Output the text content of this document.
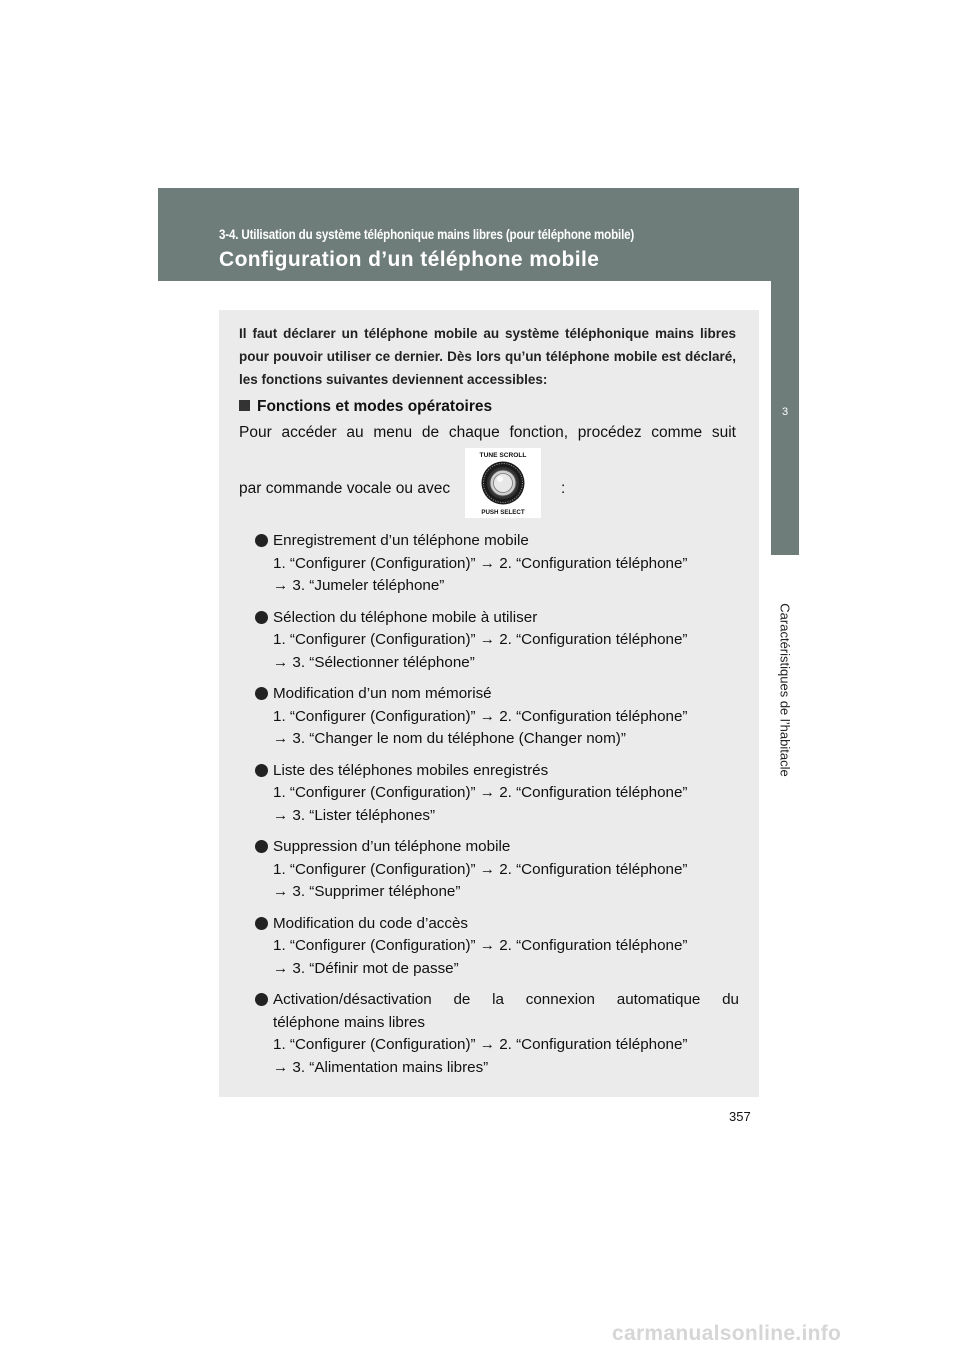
3-4. Utilisation du système téléphonique mains libres (pour téléphone mobile)
Configuration d’un téléphone mobile
3
Caractéristiques de l’habitacle
Il faut déclarer un téléphone mobile au système téléphonique mains libres pour pouvoir utiliser ce dernier. Dès lors qu’un téléphone mobile est déclaré, les fonctions suivantes deviennent accessibles:
Fonctions et modes opératoires
Pour accéder au menu de chaque fonction, procédez comme suit
par commande vocale ou avec	:
TUNE SCROLL
PUSH SELECT
Enregistrement d’un téléphone mobile
1. “Configurer (Configuration)” → 2. “Configuration téléphone”
→ 3. “Jumeler téléphone”
Sélection du téléphone mobile à utiliser
1. “Configurer (Configuration)” → 2. “Configuration téléphone”
→ 3. “Sélectionner téléphone”
Modification d’un nom mémorisé
1. “Configurer (Configuration)” → 2. “Configuration téléphone”
→ 3. “Changer le nom du téléphone (Changer nom)”
Liste des téléphones mobiles enregistrés
1. “Configurer (Configuration)” → 2. “Configuration téléphone”
→ 3. “Lister téléphones”
Suppression d’un téléphone mobile
1. “Configurer (Configuration)” → 2. “Configuration téléphone”
→ 3. “Supprimer téléphone”
Modification du code d’accès
1. “Configurer (Configuration)” → 2. “Configuration téléphone”
→ 3. “Définir mot de passe”
Activation/désactivation de la connexion automatique du
téléphone mains libres
1. “Configurer (Configuration)” → 2. “Configuration téléphone”
→ 3. “Alimentation mains libres”
357
carmanualsonline.info
